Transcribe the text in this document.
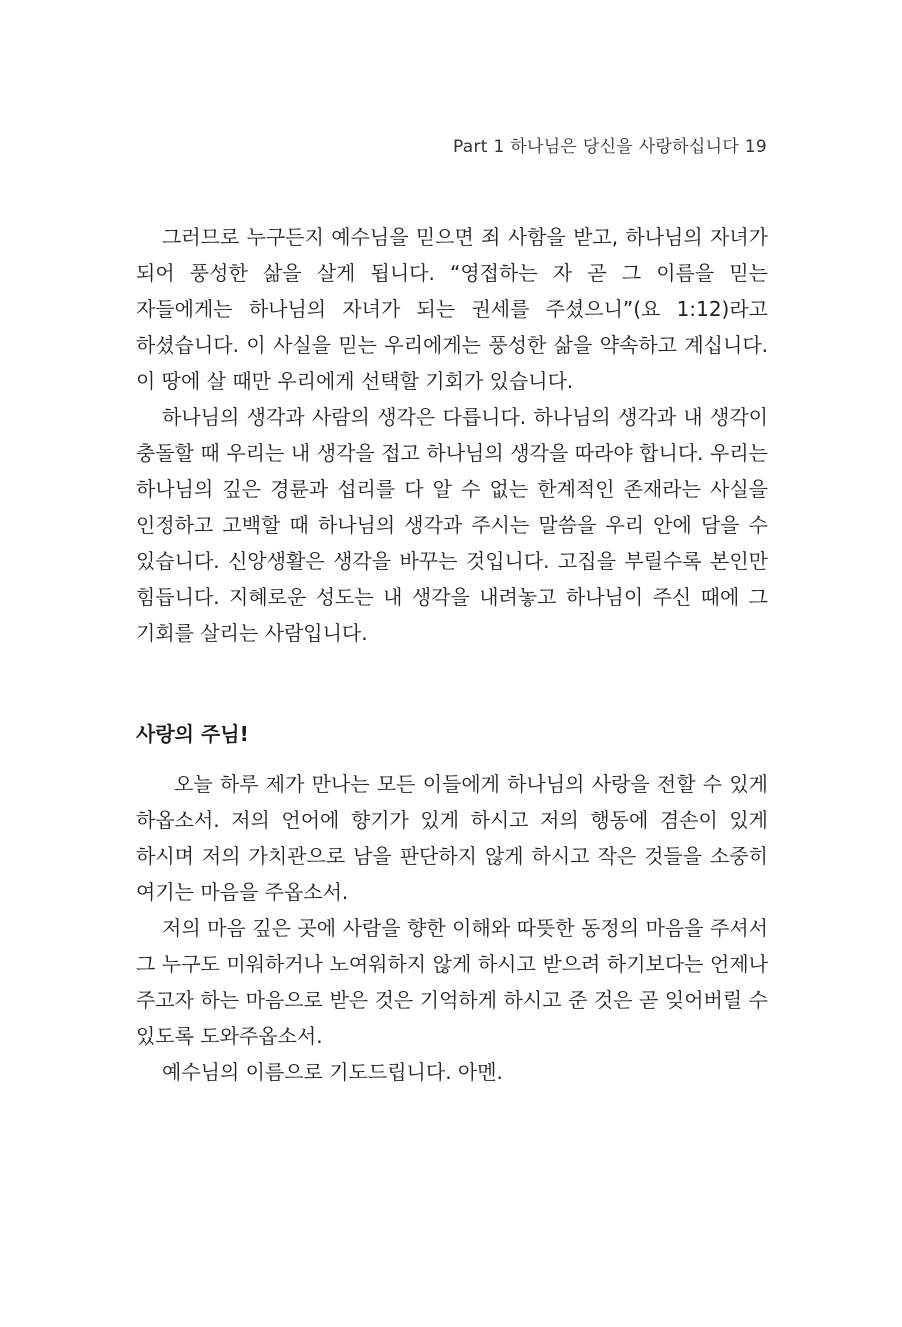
Part 1 하나님은 당신을 사랑하십니다 19

그러므로 누구든지 예수님을 믿으면 죄 사함을 받고, 하나님의 자녀가 되어 풍성한 삶을 살게 됩니다. “영접하는 자 곧 그 이름을 믿는 자들에게는 하나님의 자녀가 되는 권세를 주셨으니”(요 1:12)라고 하셨습니다. 이 사실을 믿는 우리에게는 풍성한 삶을 약속하고 계십니다. 이 땅에 살 때만 우리에게 선택할 기회가 있습니다.

하나님의 생각과 사람의 생각은 다릅니다. 하나님의 생각과 내 생각이 충돌할 때 우리는 내 생각을 접고 하나님의 생각을 따라야 합니다. 우리는 하나님의 깊은 경륜과 섭리를 다 알 수 없는 한계적인 존재라는 사실을 인정하고 고백할 때 하나님의 생각과 주시는 말씀을 우리 안에 담을 수 있습니다. 신앙생활은 생각을 바꾸는 것입니다. 고집을 부릴수록 본인만 힘듭니다. 지혜로운 성도는 내 생각을 내려놓고 하나님이 주신 때에 그 기회를 살리는 사람입니다.

사랑의 주님!

오늘 하루 제가 만나는 모든 이들에게 하나님의 사랑을 전할 수 있게 하옵소서. 저의 언어에 향기가 있게 하시고 저의 행동에 겸손이 있게 하시며 저의 가치관으로 남을 판단하지 않게 하시고 작은 것들을 소중히 여기는 마음을 주옵소서.

저의 마음 깊은 곳에 사람을 향한 이해와 따뜻한 동정의 마음을 주셔서 그 누구도 미워하거나 노여워하지 않게 하시고 받으려 하기보다는 언제나 주고자 하는 마음으로 받은 것은 기억하게 하시고 준 것은 곧 잊어버릴 수 있도록 도와주옵소서.

예수님의 이름으로 기도드립니다. 아멘.
